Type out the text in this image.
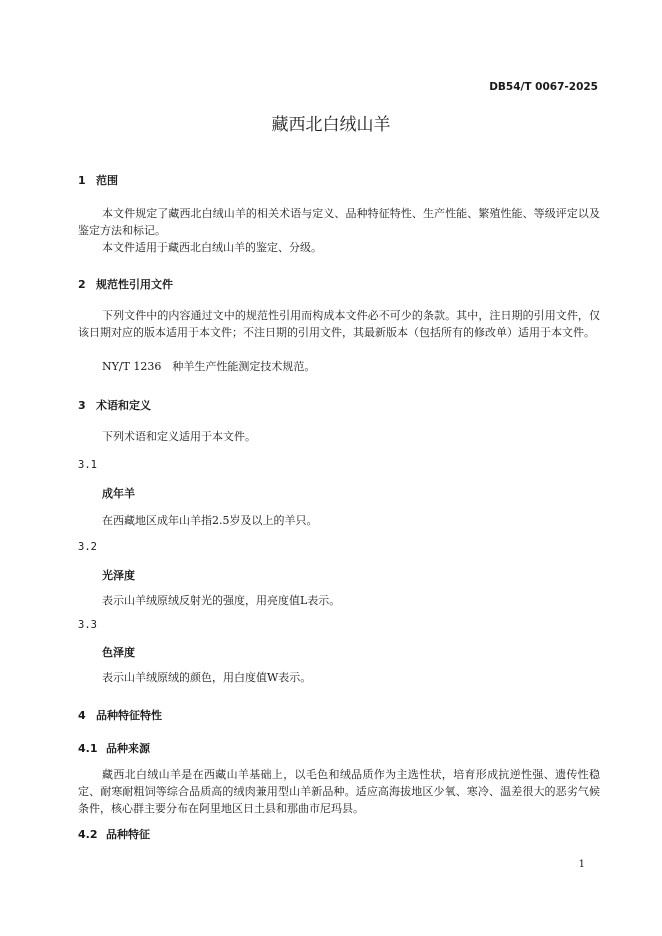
DB54/T 0067-2025
藏西北白绒山羊
1 范围

本文件规定了藏西北白绒山羊的相关术语与定义、品种特征特性、生产性能、繁殖性能、等级评定以及鉴定方法和标记。

本文件适用于藏西北白绒山羊的鉴定、分级。

2 规范性引用文件

下列文件中的内容通过文中的规范性引用而构成本文件必不可少的条款。其中，注日期的引用文件，仅该日期对应的版本适用于本文件；不注日期的引用文件，其最新版本（包括所有的修改单）适用于本文件。

NY/T 1236　种羊生产性能测定技术规范。

3 术语和定义

下列术语和定义适用于本文件。

3.1
成年羊

在西藏地区成年山羊指2.5岁及以上的羊只。

3.2
光泽度

表示山羊绒原绒反射光的强度，用亮度值L表示。

3.3
色泽度

表示山羊绒原绒的颜色，用白度值W表示。

4 品种特征特性
4.1 品种来源

藏西北白绒山羊是在西藏山羊基础上，以毛色和绒品质作为主选性状，培育形成抗逆性强、遗传性稳定、耐寒耐粗饲等综合品质高的绒肉兼用型山羊新品种。适应高海拔地区少氧、寒冷、温差很大的恶劣气候条件，核心群主要分布在阿里地区日土县和那曲市尼玛县。

4.2 品种特征
1
